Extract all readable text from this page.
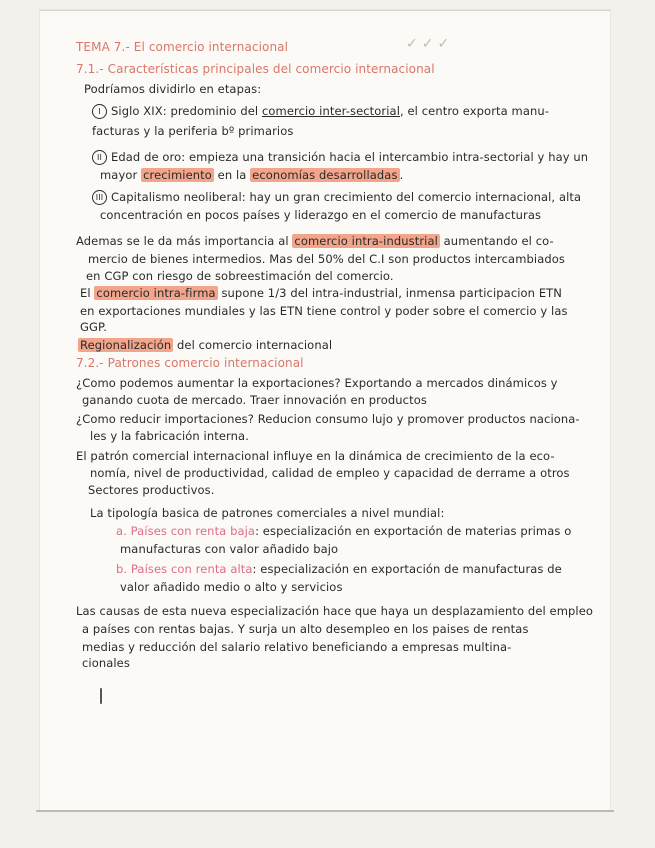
TEMA 7.- El comercio internacional	✓✓✓
7.1.- Características principales del comercio internacional
Podríamos dividirlo en etapas:
I Siglo XIX: predominio del comercio inter-sectorial, el centro exporta manu-
facturas y la periferia bº primarios
II Edad de oro: empieza una transición hacia el intercambio intra-sectorial y hay un
mayor crecimiento en la economías desarrolladas .
III Capitalismo neoliberal: hay un gran crecimiento del comercio internacional, alta
concentración en pocos países y liderazgo en el comercio de manufacturas
Ademas se le da más importancia al comercio intra-industrial aumentando el co-
mercio de bienes intermedios. Mas del 50% del C.I son productos intercambiados
en CGP con riesgo de sobreestimación del comercio.
El comercio intra-firma supone 1/3 del intra-industrial, inmensa participacion ETN
en exportaciones mundiales y las ETN tiene control y poder sobre el comercio y las
GGP.
Regionalización del comercio internacional
7.2.- Patrones comercio internacional
¿Como podemos aumentar la exportaciones? Exportando a mercados dinámicos y
ganando cuota de mercado. Traer innovación en productos
¿Como reducir importaciones? Reducion consumo lujo y promover productos naciona-
les y la fabricación interna.
El patrón comercial internacional influye en la dinámica de crecimiento de la eco-
nomía, nivel de productividad, calidad de empleo y capacidad de derrame a otros
Sectores productivos.
La tipología basica de patrones comerciales a nivel mundial:
a. Países con renta baja: especialización en exportación de materias primas o
manufacturas con valor añadido bajo
b. Países con renta alta: especialización en exportación de manufacturas de
valor añadido medio o alto y servicios
Las causas de esta nueva especialización hace que haya un desplazamiento del empleo
a países con rentas bajas. Y surja un alto desempleo en los paises de rentas
medias y reducción del salario relativo beneficiando a empresas multina-
cionales
